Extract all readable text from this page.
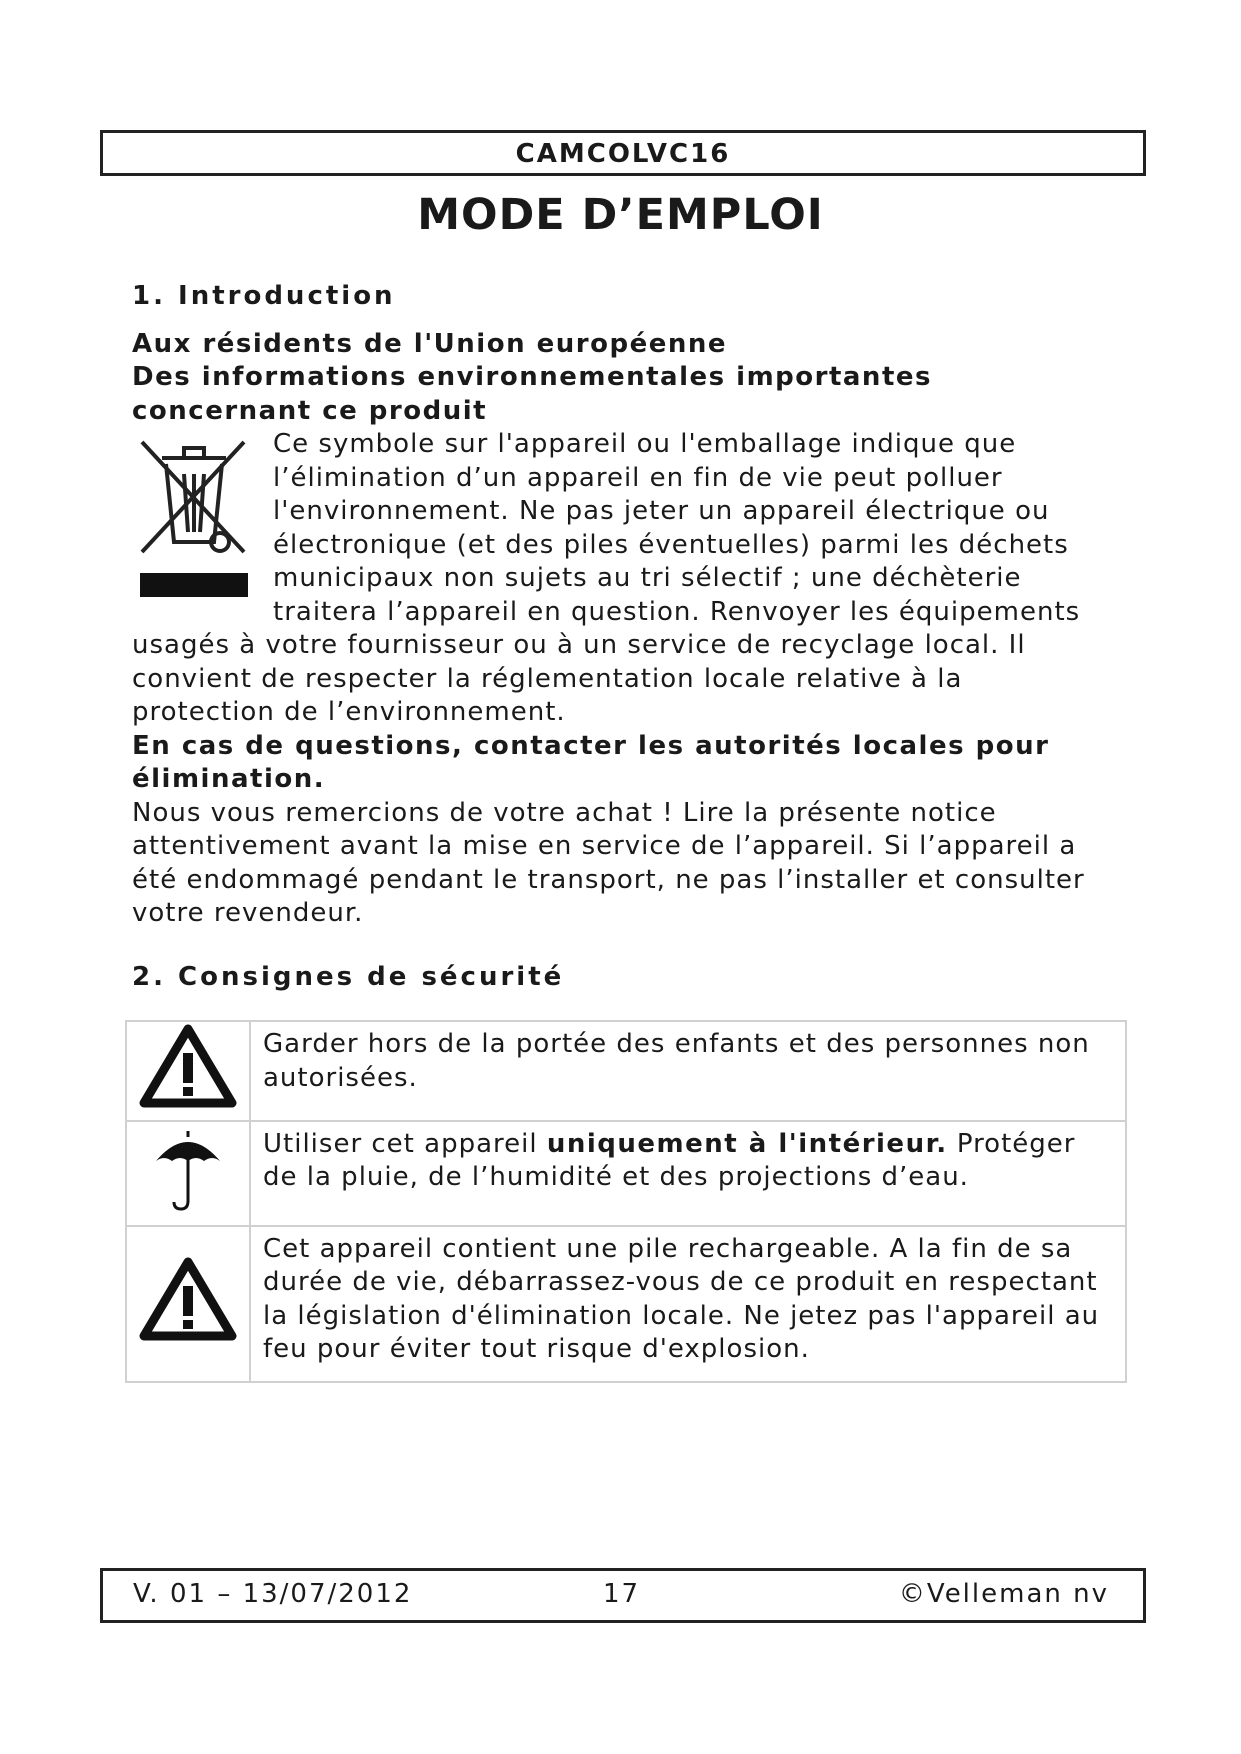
CAMCOLVC16
MODE D’EMPLOI

1. Introduction

Aux résidents de l'Union européenne

Des informations environnementales importantes concernant ce produit

Ce symbole sur l'appareil ou l'emballage indique que l’élimination d’un appareil en fin de vie peut polluer l'environnement. Ne pas jeter un appareil électrique ou électronique (et des piles éventuelles) parmi les déchets municipaux non sujets au tri sélectif ; une déchèterie traitera l’appareil en question. Renvoyer les équipements usagés à votre fournisseur ou à un service de recyclage local. Il convient de respecter la réglementation locale relative à la protection de l’environnement.

En cas de questions, contacter les autorités locales pour élimination.

Nous vous remercions de votre achat ! Lire la présente notice attentivement avant la mise en service de l’appareil. Si l’appareil a été endommagé pendant le transport, ne pas l’installer et consulter votre revendeur.

2. Consignes de sécurité

	Garder hors de la portée des enfants et des personnes non autorisées.
	Utiliser cet appareil uniquement à l'intérieur. Protéger de la pluie, de l’humidité et des projections d’eau.
	Cet appareil contient une pile rechargeable. A la fin de sa durée de vie, débarrassez-vous de ce produit en respectant la législation d'élimination locale. Ne jetez pas l'appareil au feu pour éviter tout risque d'explosion.
V. 01 – 13/07/2012	17	©Velleman nv
